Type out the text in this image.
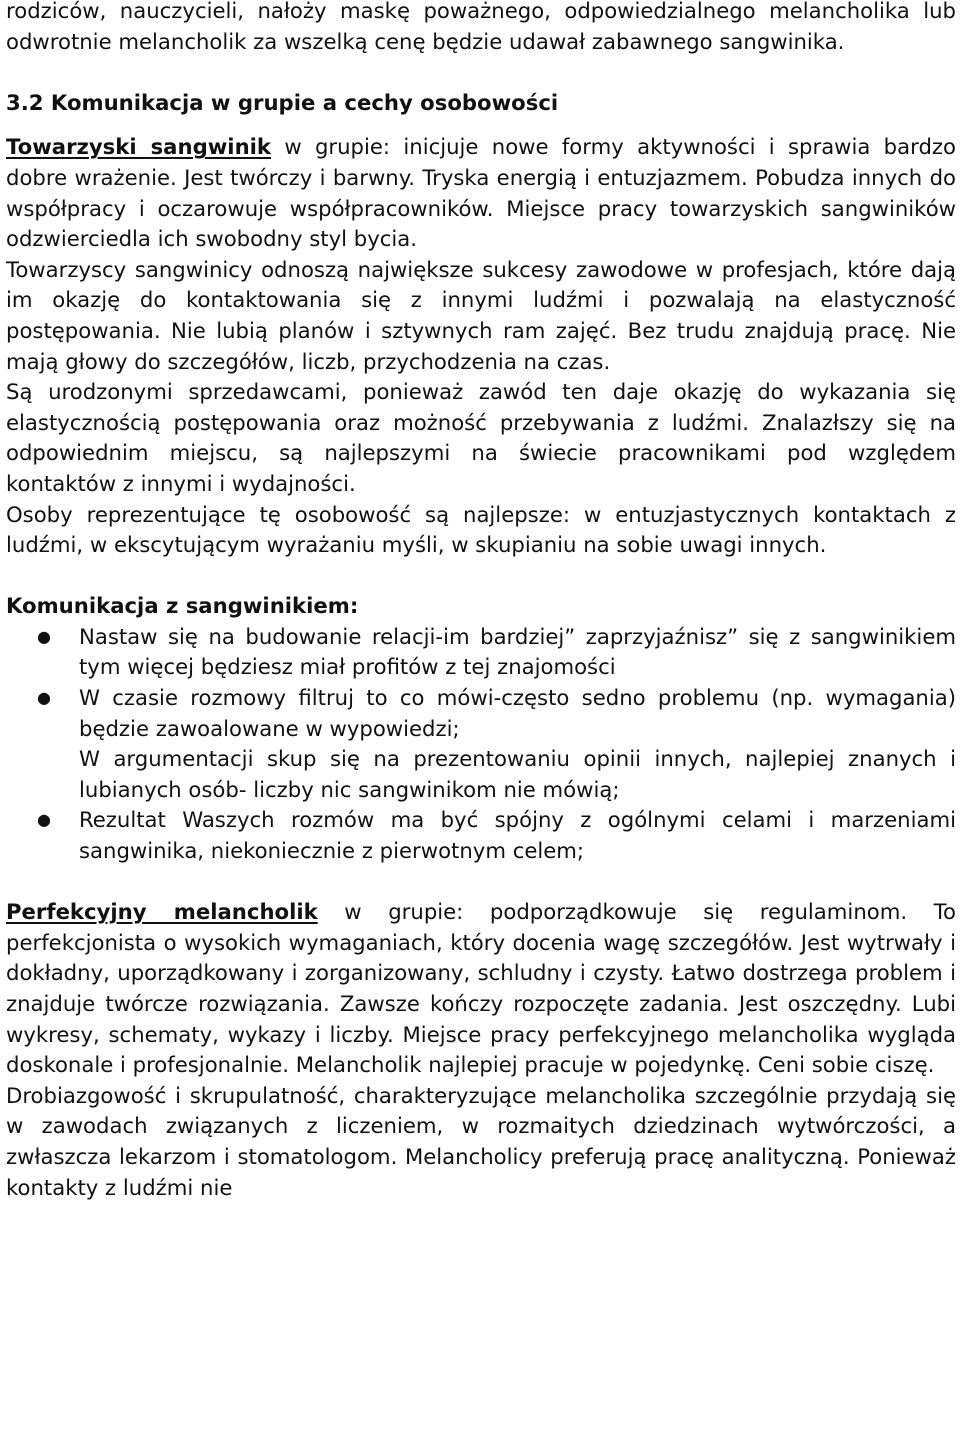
rodziców, nauczycieli, nałoży maskę poważnego, odpowiedzialnego melancholika lub odwrotnie melancholik za wszelką cenę będzie udawał zabawnego sangwinika.

3.2 Komunikacja w grupie a cechy osobowości

Towarzyski sangwinik w grupie: inicjuje nowe formy aktywności i sprawia bardzo dobre wrażenie. Jest twórczy i barwny. Tryska energią i entuzjazmem. Pobudza innych do współpracy i oczarowuje współpracowników. Miejsce pracy towarzyskich sangwiników odzwierciedla ich swobodny styl bycia.

Towarzyscy sangwinicy odnoszą największe sukcesy zawodowe w profesjach, które dają im okazję do kontaktowania się z innymi ludźmi i pozwalają na elastyczność postępowania. Nie lubią planów i sztywnych ram zajęć. Bez trudu znajdują pracę. Nie mają głowy do szczegółów, liczb, przychodzenia na czas.

Są urodzonymi sprzedawcami, ponieważ zawód ten daje okazję do wykazania się elastycznością postępowania oraz możność przebywania z ludźmi. Znalazłszy się na odpowiednim miejscu, są najlepszymi na świecie pracownikami pod względem kontaktów z innymi i wydajności.

Osoby reprezentujące tę osobowość są najlepsze: w entuzjastycznych kontaktach z ludźmi, w ekscytującym wyrażaniu myśli, w skupianiu na sobie uwagi innych.

Komunikacja z sangwinikiem:

● Nastaw się na budowanie relacji-im bardziej” zaprzyjaźnisz” się z sangwinikiem tym więcej będziesz miał profitów z tej znajomości
● W czasie rozmowy filtruj to co mówi-często sedno problemu (np. wymagania) będzie zawoalowane w wypowiedzi;
W argumentacji skup się na prezentowaniu opinii innych, najlepiej znanych i lubianych osób- liczby nic sangwinikom nie mówią;
● Rezultat Waszych rozmów ma być spójny z ogólnymi celami i marzeniami sangwinika, niekoniecznie z pierwotnym celem;

Perfekcyjny melancholik w grupie: podporządkowuje się regulaminom. To perfekcjonista o wysokich wymaganiach, który docenia wagę szczegółów. Jest wytrwały i dokładny, uporządkowany i zorganizowany, schludny i czysty. Łatwo dostrzega problem i znajduje twórcze rozwiązania. Zawsze kończy rozpoczęte zadania. Jest oszczędny. Lubi wykresy, schematy, wykazy i liczby. Miejsce pracy perfekcyjnego melancholika wygląda doskonale i profesjonalnie. Melancholik najlepiej pracuje w pojedynkę. Ceni sobie ciszę.

Drobiazgowość i skrupulatność, charakteryzujące melancholika szczególnie przydają się w zawodach związanych z liczeniem, w rozmaitych dziedzinach wytwórczości, a zwłaszcza lekarzom i stomatologom. Melancholicy preferują pracę analityczną. Ponieważ kontakty z ludźmi nie
